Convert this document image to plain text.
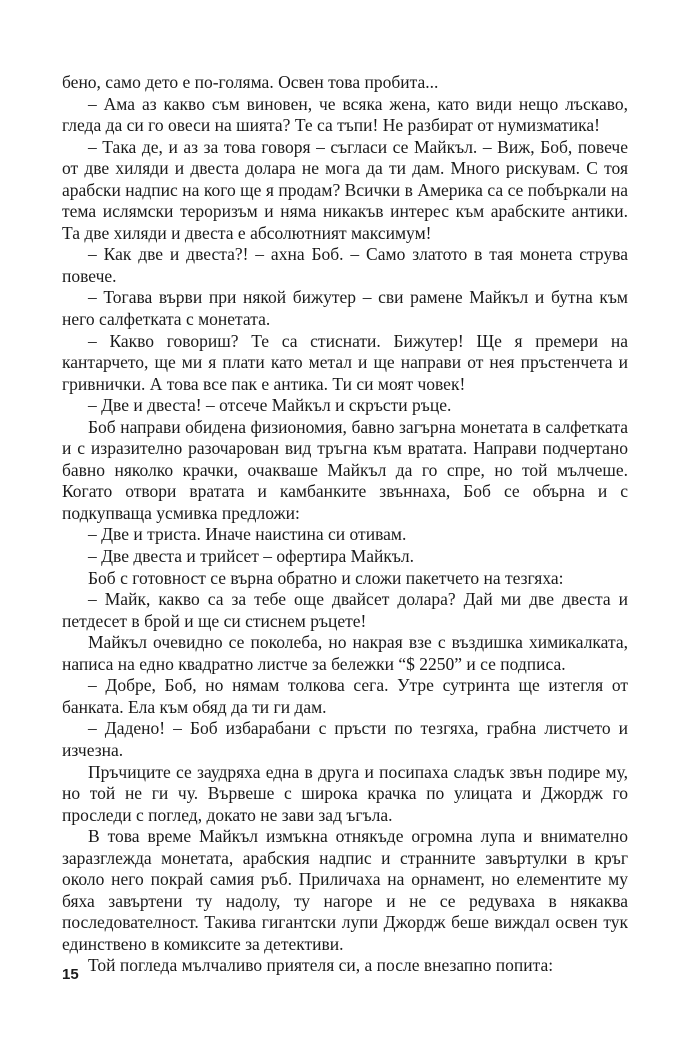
бено, само дето е по-голяма. Освен това пробита...

– Ама аз какво съм виновен, че всяка жена, като види нещо лъскаво, гледа да си го овеси на шията? Те са тъпи! Не разбират от нумизматика!

– Така де, и аз за това говоря – съгласи се Майкъл. – Виж, Боб, повече от две хиляди и двеста долара не мога да ти дам. Много рискувам. С тоя арабски надпис на кого ще я продам? Всички в Америка са се побъркали на тема ислямски тероризъм и няма никакъв интерес към арабските антики. Та две хиляди и двеста е абсолютният максимум!

– Как две и двеста?! – ахна Боб. – Само златото в тая монета струва повече.

– Тогава върви при някой бижутер – сви рамене Майкъл и бутна към него салфетката с монетата.

– Какво говориш? Те са стиснати. Бижутер! Ще я премери на кантарчето, ще ми я плати като метал и ще направи от нея пръстенчета и гривнички. А това все пак е антика. Ти си моят човек!

– Две и двеста! – отсече Майкъл и скръсти ръце.

Боб направи обидена физиономия, бавно загърна монетата в салфетката и с изразително разочарован вид тръгна към вратата. Направи подчертано бавно няколко крачки, очакваше Майкъл да го спре, но той мълчеше. Когато отвори вратата и камбанките звъннаха, Боб се обърна и с подкупваща усмивка предложи:

– Две и триста. Иначе наистина си отивам.

– Две двеста и трийсет – офертира Майкъл.

Боб с готовност се върна обратно и сложи пакетчето на тезгяха:

– Майк, какво са за тебе още двайсет долара? Дай ми две двеста и петдесет в брой и ще си стиснем ръцете!

Майкъл очевидно се поколеба, но накрая взе с въздишка химикалката, написа на едно квадратно листче за бележки “$ 2250” и се подписа.

– Добре, Боб, но нямам толкова сега. Утре сутринта ще изтегля от банката. Ела към обяд да ти ги дам.

– Дадено! – Боб избарабани с пръсти по тезгяха, грабна листчето и изчезна.

Пръчиците се заудряха една в друга и посипаха сладък звън подире му, но той не ги чу. Вървеше с широка крачка по улицата и Джордж го проследи с поглед, докато не зави зад ъгъла.

В това време Майкъл измъкна отнякъде огромна лупа и внимателно заразглежда монетата, арабския надпис и странните завъртулки в кръг около него покрай самия ръб. Приличаха на орнамент, но елементите му бяха завъртени ту надолу, ту нагоре и не се редуваха в някаква последователност. Такива гигантски лупи Джордж беше виждал освен тук единствено в комиксите за детективи.

Той погледа мълчаливо приятеля си, а после внезапно попита:

15
